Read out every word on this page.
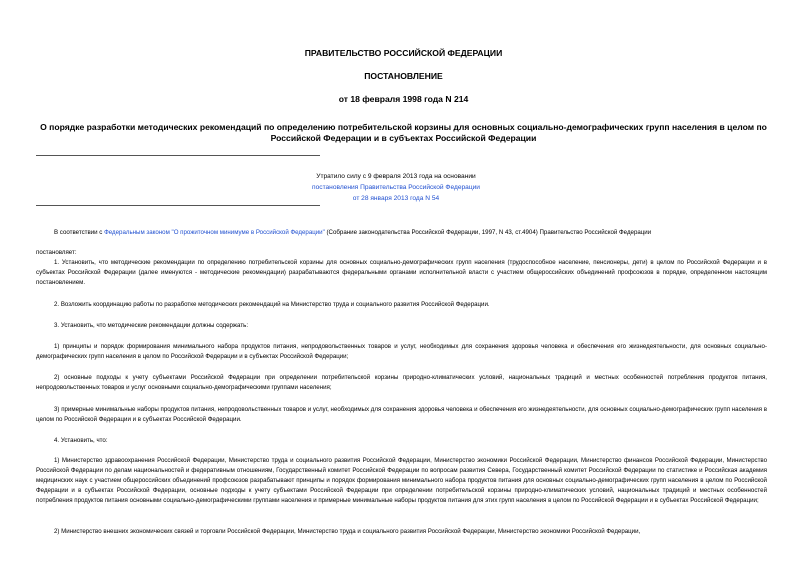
ПРАВИТЕЛЬСТВО РОССИЙСКОЙ ФЕДЕРАЦИИ
ПОСТАНОВЛЕНИЕ
от 18 февраля 1998 года N 214
О порядке разработки методических рекомендаций по определению потребительской корзины для основных социально-демографических групп населения в целом по Российской Федерации и в субъектах Российской Федерации
Утратило силу с 9 февраля 2013 года на основании
постановления Правительства Российской Федерации
от 28 января 2013 года N 54
В соответствии с Федеральным законом "О прожиточном минимуме в Российской Федерации" (Собрание законодательства Российской Федерации, 1997, N 43, ст.4904) Правительство Российской Федерации
постановляет:
1. Установить, что методические рекомендации по определению потребительской корзины для основных социально-демографических групп населения (трудоспособное население, пенсионеры, дети) в целом по Российской Федерации и в субъектах Российской Федерации (далее именуются - методические рекомендации) разрабатываются федеральными органами исполнительной власти с участием общероссийских объединений профсоюзов в порядке, определенном настоящим постановлением.
2. Возложить координацию работы по разработке методических рекомендаций на Министерство труда и социального развития Российской Федерации.
3. Установить, что методические рекомендации должны содержать:
1) принципы и порядок формирования минимального набора продуктов питания, непродовольственных товаров и услуг, необходимых для сохранения здоровья человека и обеспечения его жизнедеятельности, для основных социально-демографических групп населения в целом по Российской Федерации и в субъектах Российской Федерации;
2) основные подходы к учету субъектами Российской Федерации при определении потребительской корзины природно-климатических условий, национальных традиций и местных особенностей потребления продуктов питания, непродовольственных товаров и услуг основными социально-демографическими группами населения;
3) примерные минимальные наборы продуктов питания, непродовольственных товаров и услуг, необходимых для сохранения здоровья человека и обеспечения его жизнедеятельности, для основных социально-демографических групп населения в целом по Российской Федерации и в субъектах Российской Федерации.
4. Установить, что:
1) Министерство здравоохранения Российской Федерации, Министерство труда и социального развития Российской Федерации, Министерство экономики Российской Федерации, Министерство финансов Российской Федерации, Министерство Российской Федерации по делам национальностей и федеративным отношениям, Государственный комитет Российской Федерации по вопросам развития Севера, Государственный комитет Российской Федерации по статистике и Российская академия медицинских наук с участием общероссийских объединений профсоюзов разрабатывают принципы и порядок формирования минимального набора продуктов питания для основных социально-демографических групп населения в целом по Российской Федерации и в субъектах Российской Федерации, основные подходы к учету субъектами Российской Федерации при определении потребительской корзины природно-климатических условий, национальных традиций и местных особенностей потребления продуктов питания основными социально-демографическими группами населения и примерные минимальные наборы продуктов питания для этих групп населения в целом по Российской Федерации и в субъектах Российской Федерации;
2) Министерство внешних экономических связей и торговли Российской Федерации, Министерство труда и социального развития Российской Федерации, Министерство экономики Российской Федерации,
